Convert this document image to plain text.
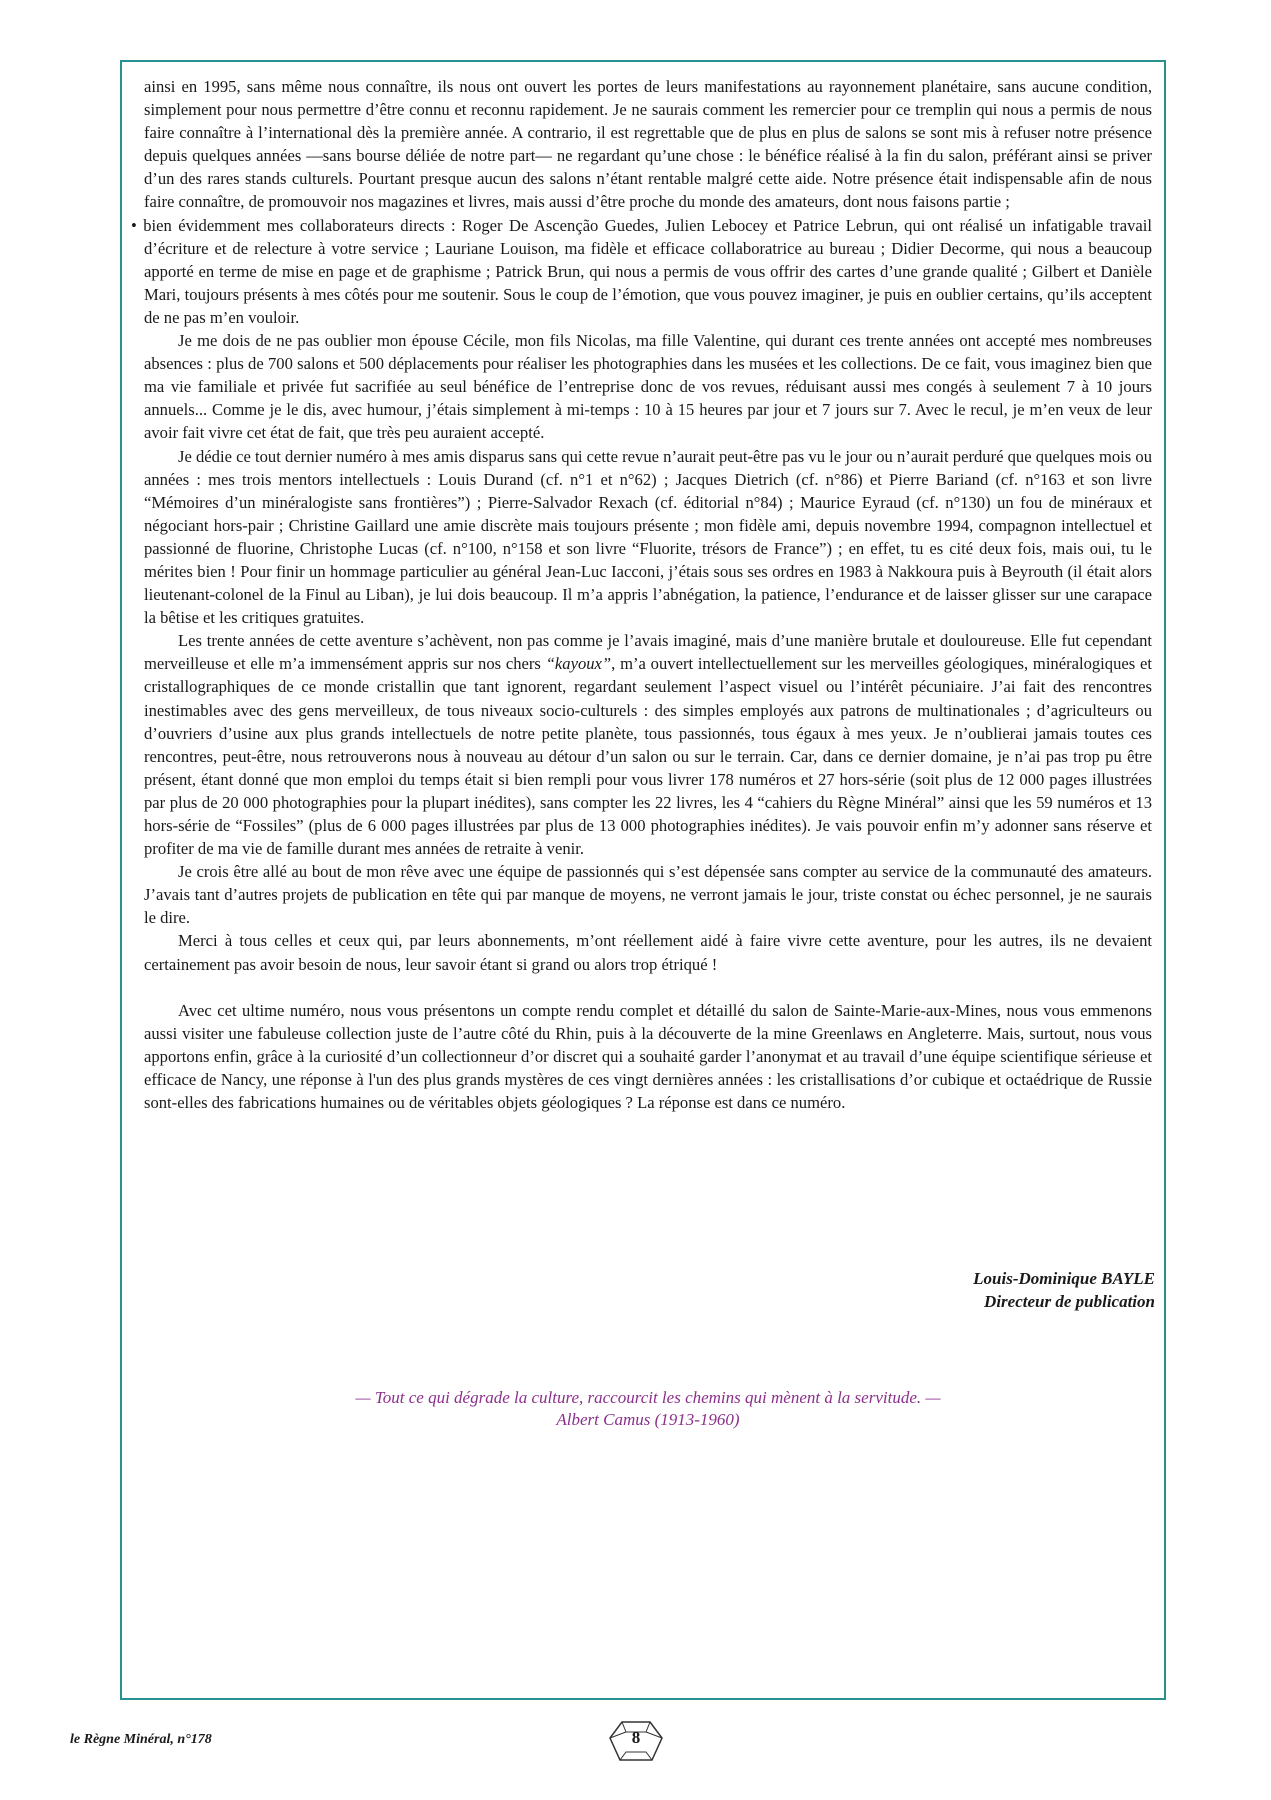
ainsi en 1995, sans même nous connaître, ils nous ont ouvert les portes de leurs manifestations au rayonnement planétaire, sans aucune condition, simplement pour nous permettre d’être connu et reconnu rapidement. Je ne saurais comment les remercier pour ce tremplin qui nous a permis de nous faire connaître à l’international dès la première année. A contrario, il est regrettable que de plus en plus de salons se sont mis à refuser notre présence depuis quelques années —sans bourse déliée de notre part— ne regardant qu’une chose : le bénéfice réalisé à la fin du salon, préférant ainsi se priver d’un des rares stands culturels. Pourtant presque aucun des salons n’étant rentable malgré cette aide. Notre présence était indispensable afin de nous faire connaître, de promouvoir nos magazines et livres, mais aussi d’être proche du monde des amateurs, dont nous faisons partie ;

• bien évidemment mes collaborateurs directs : Roger De Ascenção Guedes, Julien Lebocey et Patrice Lebrun, qui ont réalisé un infatigable travail d’écriture et de relecture à votre service ; Lauriane Louison, ma fidèle et efficace collaboratrice au bureau ; Didier Decorme, qui nous a beaucoup apporté en terme de mise en page et de graphisme ; Patrick Brun, qui nous a permis de vous offrir des cartes d’une grande qualité ; Gilbert et Danièle Mari, toujours présents à mes côtés pour me soutenir. Sous le coup de l’émotion, que vous pouvez imaginer, je puis en oublier certains, qu’ils acceptent de ne pas m’en vouloir.

Je me dois de ne pas oublier mon épouse Cécile, mon fils Nicolas, ma fille Valentine, qui durant ces trente années ont accepté mes nombreuses absences : plus de 700 salons et 500 déplacements pour réaliser les photographies dans les musées et les collections. De ce fait, vous imaginez bien que ma vie familiale et privée fut sacrifiée au seul bénéfice de l’entreprise donc de vos revues, réduisant aussi mes congés à seulement 7 à 10 jours annuels... Comme je le dis, avec humour, j’étais simplement à mi-temps : 10 à 15 heures par jour et 7 jours sur 7. Avec le recul, je m’en veux de leur avoir fait vivre cet état de fait, que très peu auraient accepté.

Je dédie ce tout dernier numéro à mes amis disparus sans qui cette revue n’aurait peut-être pas vu le jour ou n’aurait perduré que quelques mois ou années : mes trois mentors intellectuels : Louis Durand (cf. n°1 et n°62) ; Jacques Dietrich (cf. n°86) et Pierre Bariand (cf. n°163 et son livre “Mémoires d’un minéralogiste sans frontières”) ; Pierre-Salvador Rexach (cf. éditorial n°84) ; Maurice Eyraud (cf. n°130) un fou de minéraux et négociant hors-pair ; Christine Gaillard une amie discrète mais toujours présente ; mon fidèle ami, depuis novembre 1994, compagnon intellectuel et passionné de fluorine, Christophe Lucas (cf. n°100, n°158 et son livre “Fluorite, trésors de France”) ; en effet, tu es cité deux fois, mais oui, tu le mérites bien ! Pour finir un hommage particulier au général Jean-Luc Iacconi, j’étais sous ses ordres en 1983 à Nakkoura puis à Beyrouth (il était alors lieutenant-colonel de la Finul au Liban), je lui dois beaucoup. Il m’a appris l’abnégation, la patience, l’endurance et de laisser glisser sur une carapace la bêtise et les critiques gratuites.

Les trente années de cette aventure s’achèvent, non pas comme je l’avais imaginé, mais d’une manière brutale et douloureuse. Elle fut cependant merveilleuse et elle m’a immensément appris sur nos chers “kayoux”, m’a ouvert intellectuellement sur les merveilles géologiques, minéralogiques et cristallographiques de ce monde cristallin que tant ignorent, regardant seulement l’aspect visuel ou l’intérêt pécuniaire. J’ai fait des rencontres inestimables avec des gens merveilleux, de tous niveaux socio-culturels : des simples employés aux patrons de multinationales ; d’agriculteurs ou d’ouvriers d’usine aux plus grands intellectuels de notre petite planète, tous passionnés, tous égaux à mes yeux. Je n’oublierai jamais toutes ces rencontres, peut-être, nous retrouverons nous à nouveau au détour d’un salon ou sur le terrain. Car, dans ce dernier domaine, je n’ai pas trop pu être présent, étant donné que mon emploi du temps était si bien rempli pour vous livrer 178 numéros et 27 hors-série (soit plus de 12 000 pages illustrées par plus de 20 000 photographies pour la plupart inédites), sans compter les 22 livres, les 4 “cahiers du Règne Minéral” ainsi que les 59 numéros et 13 hors-série de “Fossiles” (plus de 6 000 pages illustrées par plus de 13 000 photographies inédites). Je vais pouvoir enfin m’y adonner sans réserve et profiter de ma vie de famille durant mes années de retraite à venir.

Je crois être allé au bout de mon rêve avec une équipe de passionnés qui s’est dépensée sans compter au service de la communauté des amateurs. J’avais tant d’autres projets de publication en tête qui par manque de moyens, ne verront jamais le jour, triste constat ou échec personnel, je ne saurais le dire.

Merci à tous celles et ceux qui, par leurs abonnements, m’ont réellement aidé à faire vivre cette aventure, pour les autres, ils ne devaient certainement pas avoir besoin de nous, leur savoir étant si grand ou alors trop étriqué !

Avec cet ultime numéro, nous vous présentons un compte rendu complet et détaillé du salon de Sainte-Marie-aux-Mines, nous vous emmenons aussi visiter une fabuleuse collection juste de l’autre côté du Rhin, puis à la découverte de la mine Greenlaws en Angleterre. Mais, surtout, nous vous apportons enfin, grâce à la curiosité d’un collectionneur d’or discret qui a souhaité garder l’anonymat et au travail d’une équipe scientifique sérieuse et efficace de Nancy, une réponse à l'un des plus grands mystères de ces vingt dernières années : les cristallisations d’or cubique et octaédrique de Russie sont-elles des fabrications humaines ou de véritables objets géologiques ? La réponse est dans ce numéro.

Louis-Dominique BAYLE
Directeur de publication
— Tout ce qui dégrade la culture, raccourcit les chemins qui mènent à la servitude. —
Albert Camus (1913-1960)
le Règne Minéral, n°178	8
